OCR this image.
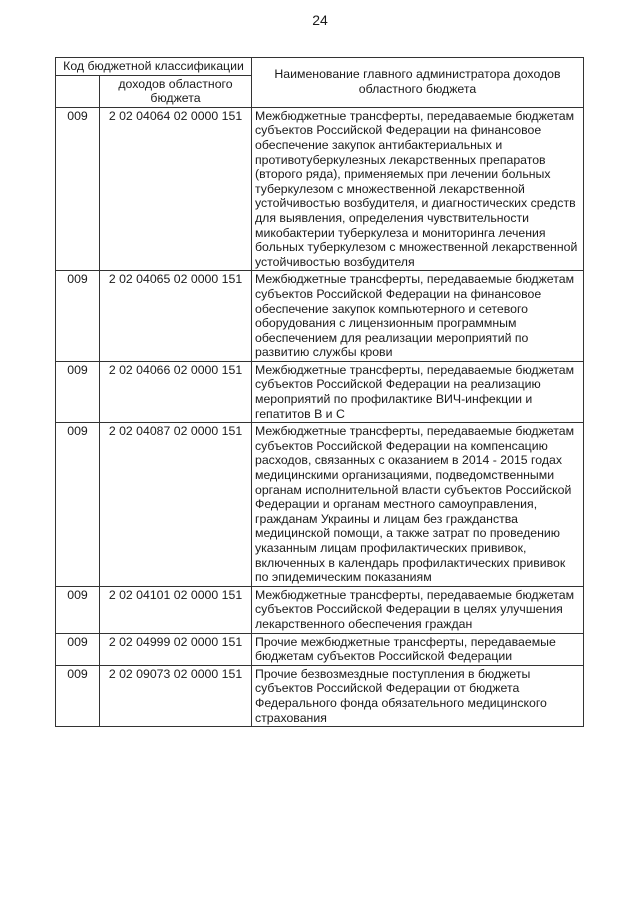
24
Код бюджетной классификации		Наименование главного администратора доходов областного бюджета
	доходов областного бюджета	
009	2 02 04064 02 0000 151	Межбюджетные трансферты, передаваемые бюджетам субъектов Российской Федерации на финансовое обеспечение закупок антибактериальных и противотуберкулезных лекарственных препаратов (второго ряда), применяемых при лечении больных туберкулезом с множественной лекарственной устойчивостью возбудителя, и диагностических средств для выявления, определения чувствительности микобактерии туберкулеза и мониторинга лечения больных туберкулезом с множественной лекарственной устойчивостью возбудителя
009	2 02 04065 02 0000 151	Межбюджетные трансферты, передаваемые бюджетам субъектов Российской Федерации на финансовое обеспечение закупок компьютерного и сетевого оборудования с лицензионным программным обеспечением для реализации мероприятий по развитию службы крови
009	2 02 04066 02 0000 151	Межбюджетные трансферты, передаваемые бюджетам субъектов Российской Федерации на реализацию мероприятий по профилактике ВИЧ-инфекции и гепатитов В и С
009	2 02 04087 02 0000 151	Межбюджетные трансферты, передаваемые бюджетам субъектов Российской Федерации на компенсацию расходов, связанных с оказанием в 2014 - 2015 годах медицинскими организациями, подведомственными органам исполнительной власти субъектов Российской Федерации и органам местного самоуправления, гражданам Украины и лицам без гражданства медицинской помощи, а также затрат по проведению указанным лицам профилактических прививок, включенных в календарь профилактических прививок по эпидемическим показаниям
009	2 02 04101 02 0000 151	Межбюджетные трансферты, передаваемые бюджетам субъектов Российской Федерации в целях улучшения лекарственного обеспечения граждан
009	2 02 04999 02 0000 151	Прочие межбюджетные трансферты, передаваемые бюджетам субъектов Российской Федерации
009	2 02 09073 02 0000 151	Прочие безвозмездные поступления в бюджеты субъектов Российской Федерации от бюджета Федерального фонда обязательного медицинского страхования
